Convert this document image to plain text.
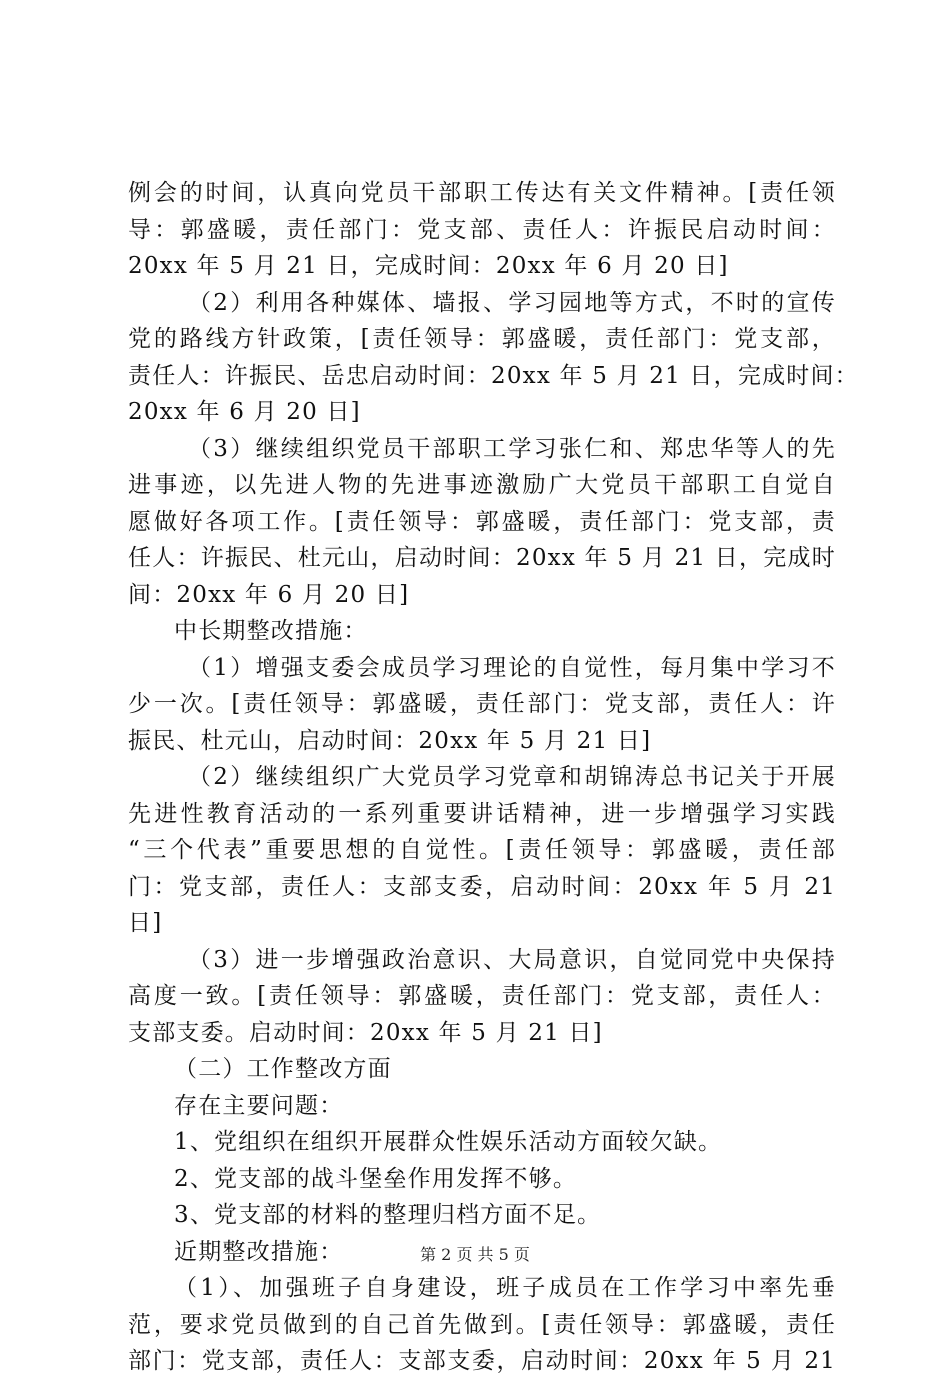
例会的时间，认真向党员干部职工传达有关文件精神。[责任领
导：郭盛暖，责任部门：党支部、责任人：许振民启动时间：
20xx 年 5 月 21 日，完成时间：20xx 年 6 月 20 日]
（2）利用各种媒体、墙报、学习园地等方式，不时的宣传
党的路线方针政策，[责任领导：郭盛暖，责任部门：党支部，
责任人：许振民、岳忠启动时间：20xx 年 5 月 21 日，完成时间：
20xx 年 6 月 20 日]
（3）继续组织党员干部职工学习张仁和、郑忠华等人的先
进事迹，以先进人物的先进事迹激励广大党员干部职工自觉自
愿做好各项工作。[责任领导：郭盛暖，责任部门：党支部，责
任人：许振民、杜元山，启动时间：20xx 年 5 月 21 日，完成时
间：20xx 年 6 月 20 日]
中长期整改措施：
（1）增强支委会成员学习理论的自觉性，每月集中学习不
少一次。[责任领导：郭盛暖，责任部门：党支部，责任人：许
振民、杜元山，启动时间：20xx 年 5 月 21 日]
（2）继续组织广大党员学习党章和胡锦涛总书记关于开展
先进性教育活动的一系列重要讲话精神，进一步增强学习实践
“三个代表”重要思想的自觉性。[责任领导：郭盛暖，责任部
门：党支部，责任人：支部支委，启动时间：20xx 年 5 月 21
日]
（3）进一步增强政治意识、大局意识，自觉同党中央保持
高度一致。[责任领导：郭盛暖，责任部门：党支部，责任人：
支部支委。启动时间：20xx 年 5 月 21 日]
（二）工作整改方面
存在主要问题：
1、党组织在组织开展群众性娱乐活动方面较欠缺。
2、党支部的战斗堡垒作用发挥不够。
3、党支部的材料的整理归档方面不足。
近期整改措施：
（1）、加强班子自身建设，班子成员在工作学习中率先垂
范，要求党员做到的自己首先做到。[责任领导：郭盛暖，责任
部门：党支部，责任人：支部支委，启动时间：20xx 年 5 月 21
第 2 页 共 5 页
